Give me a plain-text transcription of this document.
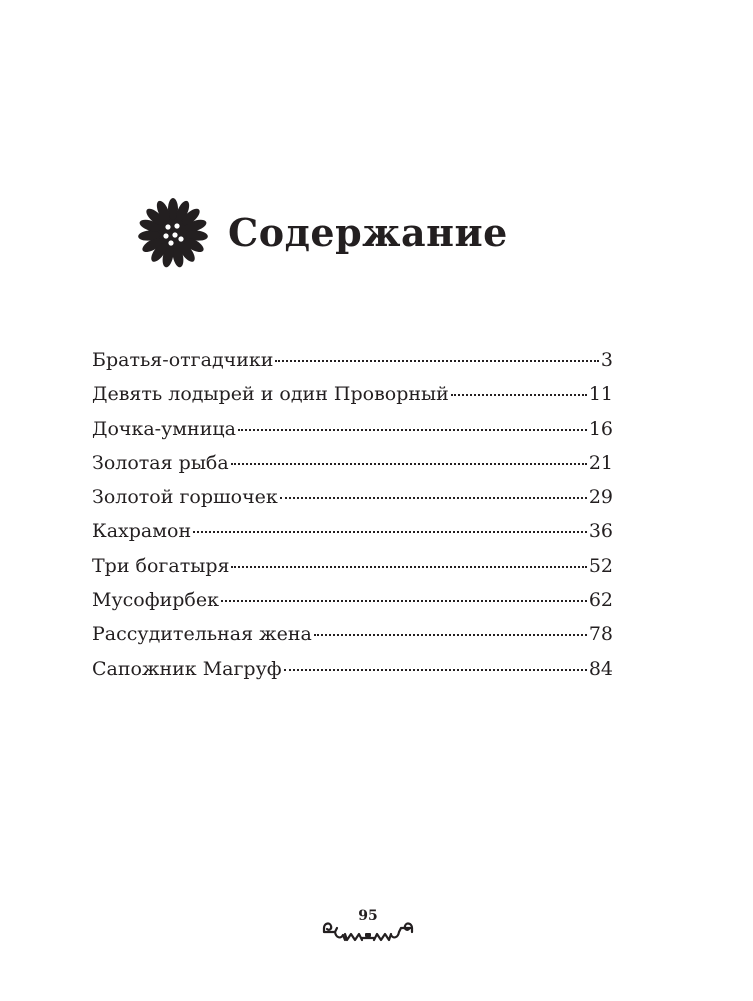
Содержание
Братья-отгадчики	3
Девять лодырей и один Проворный	11
Дочка-умница	16
Золотая рыба	21
Золотой горшочек	29
Кахрамон	36
Три богатыря	52
Мусофирбек	62
Рассудительная жена	78
Сапожник Магруф	84
95
